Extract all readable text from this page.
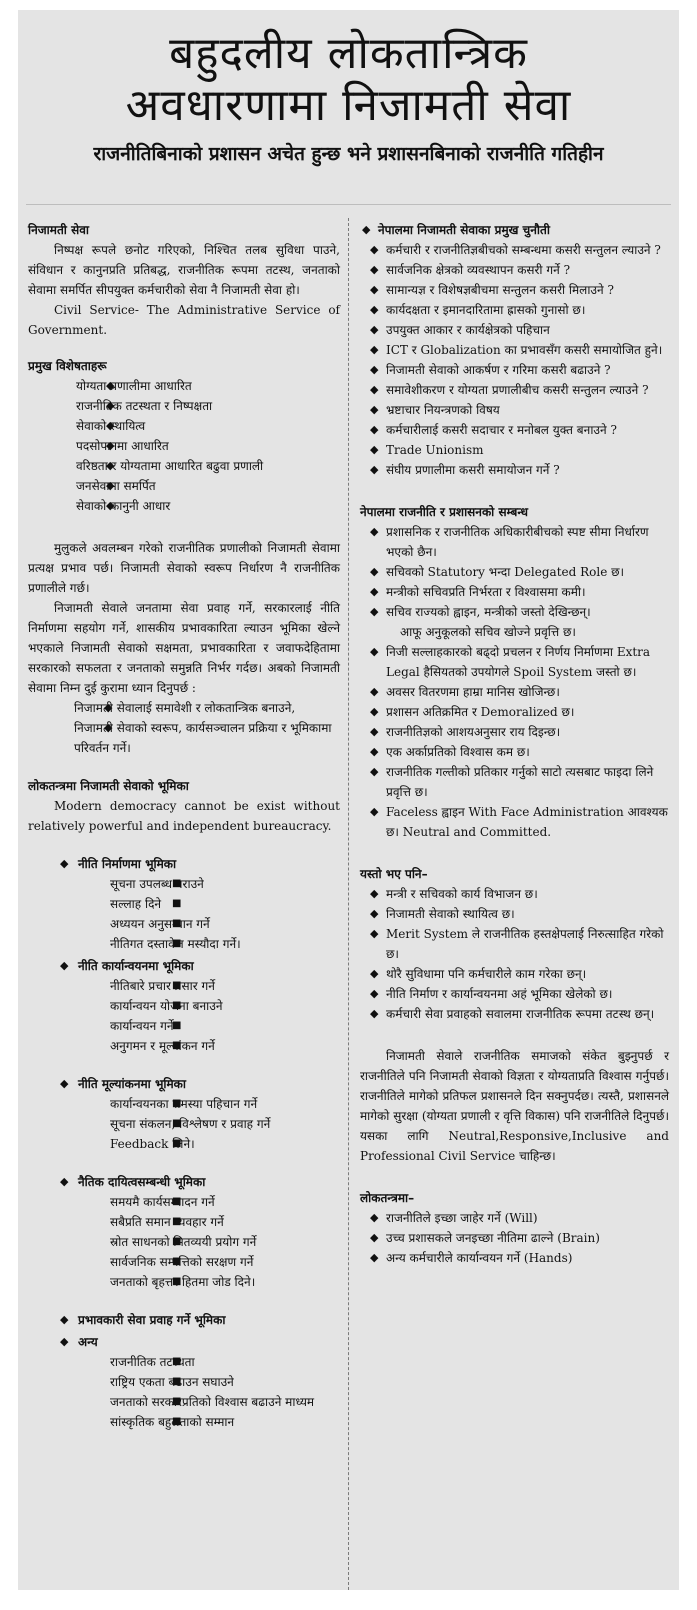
बहुदलीय लोकतान्त्रिक
अवधारणामा निजामती सेवा
राजनीतिबिनाको प्रशासन अचेत हुन्छ भने प्रशासनबिनाको राजनीति गतिहीन
निजामती सेवा

निष्पक्ष रूपले छनोट गरिएको, निश्चित तलब सुविधा पाउने, संविधान र कानुनप्रति प्रतिबद्ध, राजनीतिक रूपमा तटस्थ, जनताको सेवामा समर्पित सीपयुक्त कर्मचारीको सेवा नै निजामती सेवा हो।

Civil Service- The Administrative Service of Government.

प्रमुख विशेषताहरू
◆ योग्यता प्रणालीमा आधारित
◆ राजनीतिक तटस्थता र निष्पक्षता
◆ सेवाको स्थायित्व
◆ पदसोपानमा आधारित
◆ वरिष्ठता र योग्यतामा आधारित बढुवा प्रणाली
◆ जनसेवामा समर्पित
◆ सेवाको कानुनी आधार

मुलुकले अवलम्बन गरेको राजनीतिक प्रणालीको निजामती सेवामा प्रत्यक्ष प्रभाव पर्छ। निजामती सेवाको स्वरूप निर्धारण नै राजनीतिक प्रणालीले गर्छ।

निजामती सेवाले जनतामा सेवा प्रवाह गर्ने, सरकारलाई नीति निर्माणमा सहयोग गर्ने, शासकीय प्रभावकारिता ल्याउन भूमिका खेल्ने भएकाले निजामती सेवाको सक्षमता, प्रभावकारिता र जवाफदेहितामा सरकारको सफलता र जनताको समुन्नति निर्भर गर्दछ। अबको निजामती सेवामा निम्न दुई कुरामा ध्यान दिनुपर्छ :

◆ निजामती सेवालाई समावेशी र लोकतान्त्रिक बनाउने,
◆ निजामती सेवाको स्वरूप, कार्यसञ्चालन प्रक्रिया र भूमिकामा परिवर्तन गर्ने।
लोकतन्त्रमा निजामती सेवाको भूमिका

Modern democracy cannot be exist without relatively powerful and independent bureaucracy.

◆ नीति निर्माणमा भूमिका
■ सूचना उपलब्ध गराउने
■ सल्लाह दिने
■ अध्ययन अनुसन्धान गर्ने
■ नीतिगत दस्तावेज मस्यौदा गर्ने।
◆ नीति कार्यान्वयनमा भूमिका
■ नीतिबारे प्रचार प्रसार गर्ने
■ कार्यान्वयन योजना बनाउने
■ कार्यान्वयन गर्ने
■ अनुगमन र मूल्यांकन गर्ने
◆ नीति मूल्यांकनमा भूमिका
■ कार्यान्वयनका समस्या पहिचान गर्ने
■ सूचना संकलन, विश्लेषण र प्रवाह गर्ने
■ Feedback लिने।
◆ नैतिक दायित्वसम्बन्धी भूमिका
■ समयमै कार्यसम्पादन गर्ने
■ सबैप्रति समान व्यवहार गर्ने
■ स्रोत साधनको मितव्ययी प्रयोग गर्ने
■ सार्वजनिक सम्पत्तिको सरक्षण गर्ने
■ जनताको बृहत्तर हितमा जोड दिने।
◆ प्रभावकारी सेवा प्रवाह गर्ने भूमिका
◆ अन्य
■ राजनीतिक तटस्थता
■ राष्ट्रिय एकता बढाउन सघाउने
■ जनताको सरकारप्रतिको विश्वास बढाउने माध्यम
■ सांस्कृतिक बहुलताको सम्मान
◆ नेपालमा निजामती सेवाका प्रमुख चुनौती
◆ कर्मचारी र राजनीतिज्ञबीचको सम्बन्धमा कसरी सन्तुलन ल्याउने ?
◆ सार्वजनिक क्षेत्रको व्यवस्थापन कसरी गर्ने ?
◆ सामान्यज्ञ र विशेषज्ञबीचमा सन्तुलन कसरी मिलाउने ?
◆ कार्यदक्षता र इमानदारितामा ह्रासको गुनासो छ।
◆ उपयुक्त आकार र कार्यक्षेत्रको पहिचान
◆ ICT र Globalization का प्रभावसँग कसरी समायोजित हुने।
◆ निजामती सेवाको आकर्षण र गरिमा कसरी बढाउने ?
◆ समावेशीकरण र योग्यता प्रणालीबीच कसरी सन्तुलन ल्याउने ?
◆ भ्रष्टाचार नियन्त्रणको विषय
◆ कर्मचारीलाई कसरी सदाचार र मनोबल युक्त बनाउने ?
◆ Trade Unionism
◆ संघीय प्रणालीमा कसरी समायोजन गर्ने ?
नेपालमा राजनीति र प्रशासनको सम्बन्ध
◆ प्रशासनिक र राजनीतिक अधिकारीबीचको स्पष्ट सीमा निर्धारण भएको छैन।
◆ सचिवको Statutory भन्दा Delegated Role छ।
◆ मन्त्रीको सचिवप्रति निर्भरता र विश्वासमा कमी।
◆ सचिव राज्यको ह्वाइन, मन्त्रीको जस्तो देखिन्छन्।
आफू अनुकूलको सचिव खोज्ने प्रवृत्ति छ।
◆ निजी सल्लाहकारको बढ्दो प्रचलन र निर्णय निर्माणमा Extra Legal हैसियतको उपयोगले Spoil System जस्तो छ।
◆ अवसर वितरणमा हाम्रा मानिस खोजिन्छ।
◆ प्रशासन अतिक्रमित र Demoralized छ।
◆ राजनीतिज्ञको आशयअनुसार राय दिइन्छ।
◆ एक अर्काप्रतिको विश्वास कम छ।
◆ राजनीतिक गल्तीको प्रतिकार गर्नुको साटो त्यसबाट फाइदा लिने प्रवृत्ति छ।
◆ Faceless ह्वाइन With Face Administration आवश्यक छ। Neutral and Committed.
यस्तो भए पनि–
◆ मन्त्री र सचिवको कार्य विभाजन छ।
◆ निजामती सेवाको स्थायित्व छ।
◆ Merit System ले राजनीतिक हस्तक्षेपलाई निरुत्साहित गरेको छ।
◆ थोरै सुविधामा पनि कर्मचारीले काम गरेका छन्।
◆ नीति निर्माण र कार्यान्वयनमा अहं भूमिका खेलेको छ।
◆ कर्मचारी सेवा प्रवाहको सवालमा राजनीतिक रूपमा तटस्थ छन्।

निजामती सेवाले राजनीतिक समाजको संकेत बुझ्नुपर्छ र राजनीतिले पनि निजामती सेवाको विज्ञता र योग्यताप्रति विश्वास गर्नुपर्छ। राजनीतिले मागेको प्रतिफल प्रशासनले दिन सक्नुपर्दछ। त्यस्तै, प्रशासनले मागेको सुरक्षा (योग्यता प्रणाली र वृत्ति विकास) पनि राजनीतिले दिनुपर्छ। यसका लागि Neutral,Responsive,Inclusive and Professional Civil Service चाहिन्छ।

लोकतन्त्रमा–
◆ राजनीतिले इच्छा जाहेर गर्ने (Will)
◆ उच्च प्रशासकले जनइच्छा नीतिमा ढाल्ने (Brain)
◆ अन्य कर्मचारीले कार्यान्वयन गर्ने (Hands)
